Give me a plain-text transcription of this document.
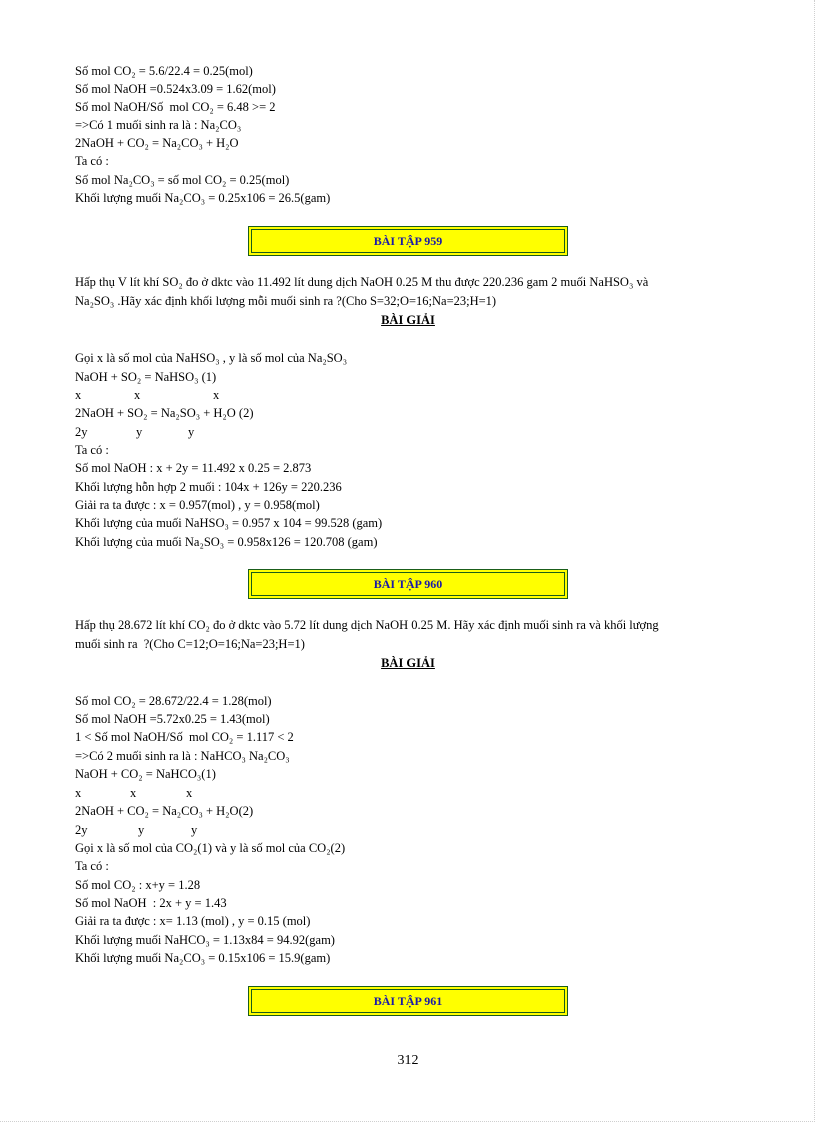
Số mol CO₂ = 5.6/22.4 = 0.25(mol)
Số mol NaOH =0.524x3.09 = 1.62(mol)
Số mol NaOH/Số  mol CO₂ = 6.48 >= 2
=>Có 1 muối sinh ra là : Na₂CO₃
2NaOH + CO₂ = Na₂CO₃ + H₂O
Ta có :
Số mol Na₂CO₃ = số mol CO₂ = 0.25(mol)
Khối lượng muối Na₂CO₃ = 0.25x106 = 26.5(gam)
BÀI TẬP 959
Hấp thụ V lít khí SO₂ đo ở dktc vào 11.492 lít dung dịch NaOH 0.25 M thu được 220.236 gam 2 muối NaHSO₃ và
Na₂SO₃ .Hãy xác định khối lượng mỗi muối sinh ra ?(Cho S=32;O=16;Na=23;H=1)
BÀI GIẢI
Gọi x là số mol của NaHSO₃ , y là số mol của Na₂SO₃
NaOH + SO₂ = NaHSO₃ (1)
x	x	x
2NaOH + SO₂ = Na₂SO₃ + H₂O (2)
2y	y	y
Ta có :
Số mol NaOH : x + 2y = 11.492 x 0.25 = 2.873
Khối lượng hỗn hợp 2 muối : 104x + 126y = 220.236
Giải ra ta được : x = 0.957(mol) , y = 0.958(mol)
Khối lượng của muối NaHSO₃ = 0.957 x 104 = 99.528 (gam)
Khối lượng của muối Na₂SO₃ = 0.958x126 = 120.708 (gam)
BÀI TẬP 960
Hấp thụ 28.672 lít khí CO₂ đo ở dktc vào 5.72 lít dung dịch NaOH 0.25 M. Hãy xác định muối sinh ra và khối lượng
muối sinh ra  ?(Cho C=12;O=16;Na=23;H=1)
BÀI GIẢI
Số mol CO₂ = 28.672/22.4 = 1.28(mol)
Số mol NaOH =5.72x0.25 = 1.43(mol)
1 < Số mol NaOH/Số  mol CO₂ = 1.117 < 2
=>Có 2 muối sinh ra là : NaHCO₃ Na₂CO₃
NaOH + CO₂ = NaHCO₃(1)
x	x	x
2NaOH + CO₂ = Na₂CO₃ + H₂O(2)
2y	y	y
Gọi x là số mol của CO₂(1) và y là số mol của CO₂(2)
Ta có :
Số mol CO₂ : x+y = 1.28
Số mol NaOH  : 2x + y = 1.43
Giải ra ta được : x= 1.13 (mol) , y = 0.15 (mol)
Khối lượng muối NaHCO₃ = 1.13x84 = 94.92(gam)
Khối lượng muối Na₂CO₃ = 0.15x106 = 15.9(gam)
BÀI TẬP 961
312
